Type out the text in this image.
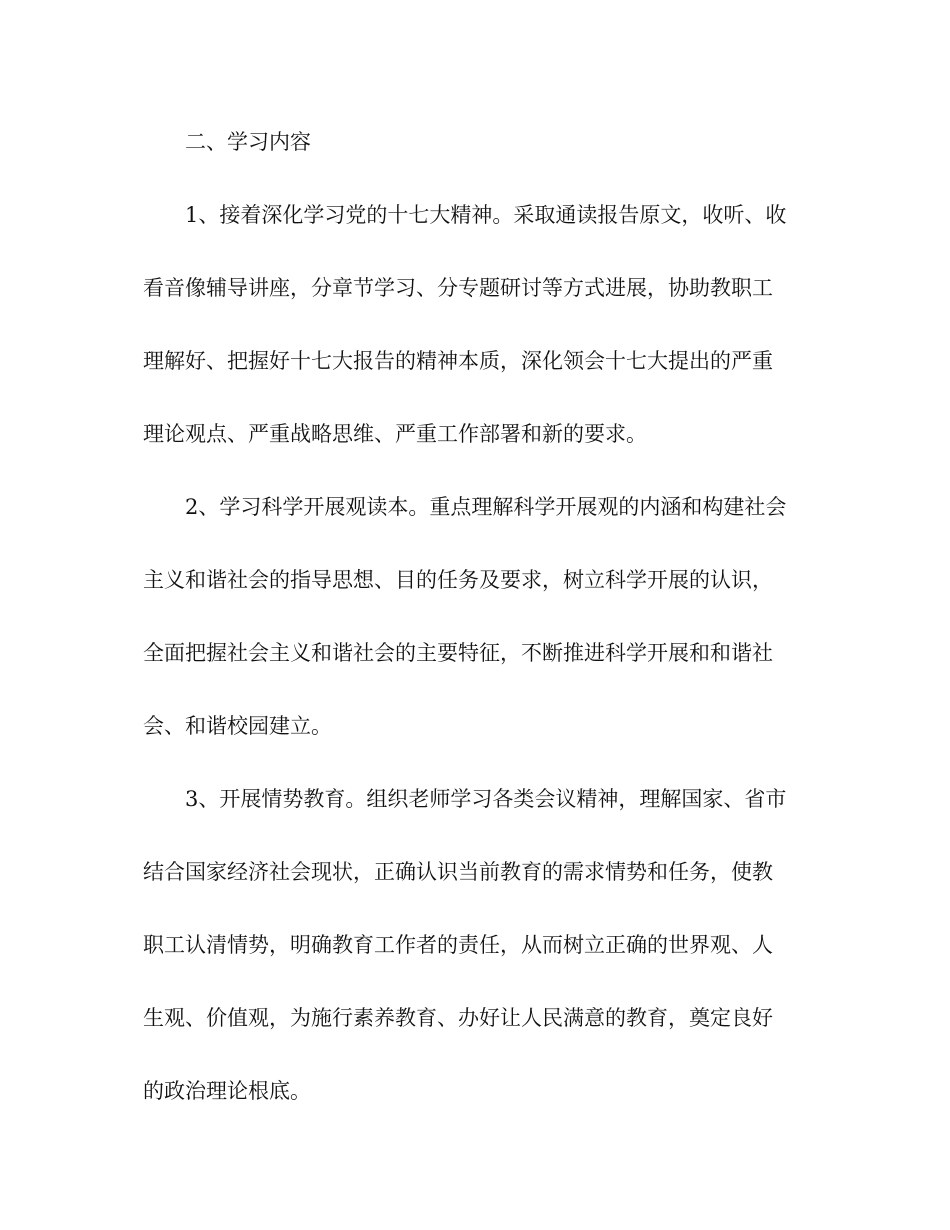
二、学习内容
1、接着深化学习党的十七大精神。采取通读报告原文，收听、收
看音像辅导讲座，分章节学习、分专题研讨等方式进展，协助教职工
理解好、把握好十七大报告的精神本质，深化领会十七大提出的严重
理论观点、严重战略思维、严重工作部署和新的要求。
2、学习科学开展观读本。重点理解科学开展观的内涵和构建社会
主义和谐社会的指导思想、目的任务及要求，树立科学开展的认识，
全面把握社会主义和谐社会的主要特征，不断推进科学开展和和谐社
会、和谐校园建立。
3、开展情势教育。组织老师学习各类会议精神，理解国家、省市
结合国家经济社会现状，正确认识当前教育的需求情势和任务，使教
职工认清情势，明确教育工作者的责任，从而树立正确的世界观、人
生观、价值观，为施行素养教育、办好让人民满意的教育，奠定良好
的政治理论根底。
